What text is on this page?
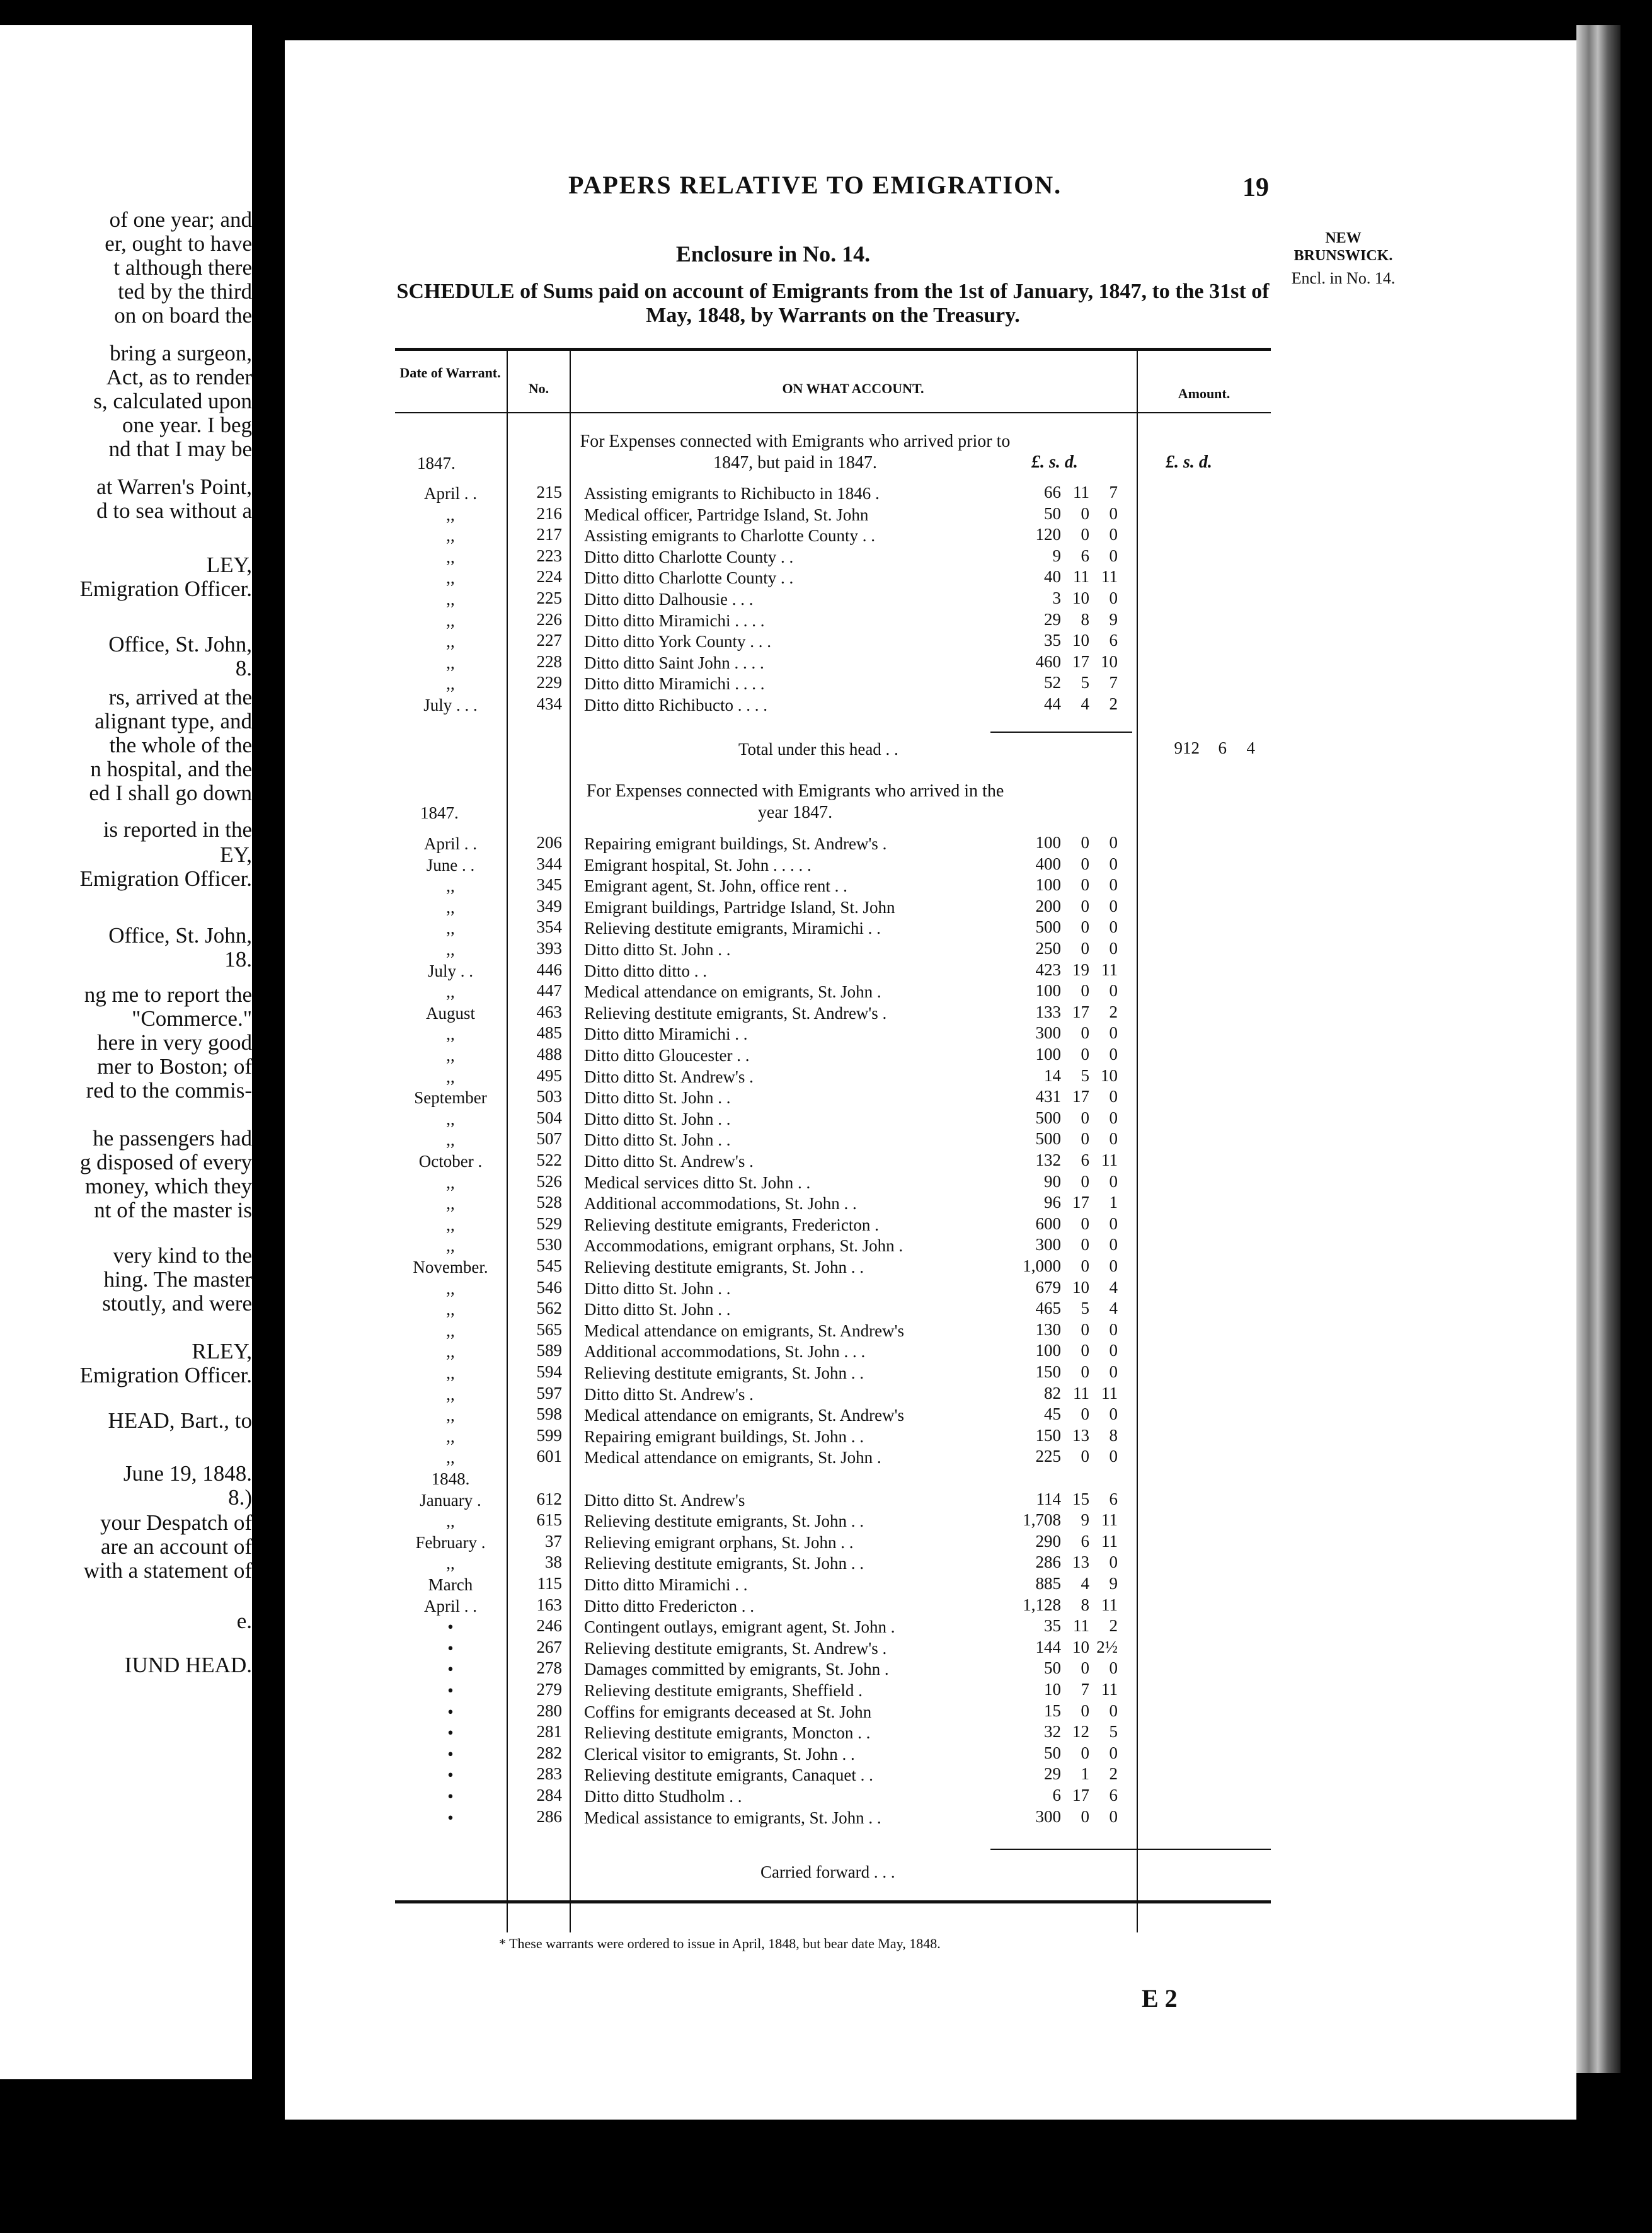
of one year; and
er, ought to have
t although there
ted by the third
on on board the
bring a surgeon,
Act, as to render
s, calculated upon
one year. I beg
nd that I may be
at Warren's Point,
d to sea without a
LEY,
Emigration Officer.
Office, St. John,
8.
rs, arrived at the
alignant type, and
the whole of the
n hospital, and the
ed I shall go down
is reported in the
EY,
Emigration Officer.
Office, St. John,
18.
ng me to report the
"Commerce."
here in very good
mer to Boston; of
red to the commis-
he passengers had
g disposed of every
money, which they
nt of the master is
very kind to the
hing. The master
stoutly, and were
RLEY,
Emigration Officer.
HEAD, Bart., to
June 19, 1848.
8.)
your Despatch of
are an account of
with a statement of
e.
IUND HEAD.
PAPERS RELATIVE TO EMIGRATION.	19
NEW
BRUNSWICK.
Encl. in No. 14.
Enclosure in No. 14.
SCHEDULE of Sums paid on account of Emigrants from the 1st of January, 1847, to the 31st of May, 1848, by Warrants on the Treasury.
Date of Warrant.
No.	ON WHAT ACCOUNT.	Amount.
For Expenses connected with Emigrants who arrived prior to 1847, but paid in 1847.
1847.	£. s. d.	£. s. d.
April . .	215 Assisting emigrants to Richibucto in 1846 .	66 11	7
,,	216 Medical officer, Partridge Island, St. John	50	0	0
,,	217 Assisting emigrants to Charlotte County . .	120	0	0
,,	223 Ditto ditto Charlotte County . .	9	6	0
,,	224 Ditto ditto Charlotte County . .	40 11 11
,,	225 Ditto ditto Dalhousie . . .	3 10	0
,,	226 Ditto ditto Miramichi . . . .	29	8	9
,,	227 Ditto ditto York County . . .	35 10	6
,,	228 Ditto ditto Saint John . . . .	460 17 10
,,	229 Ditto ditto Miramichi . . . .	52	5	7
July . . .	434 Ditto ditto Richibucto . . . .	44	4	2
Total under this head . .	912	6	4
For Expenses connected with Emigrants who arrived in the year 1847.
1847.
April . .	206 Repairing emigrant buildings, St. Andrew's .	100	0	0
June . .	344 Emigrant hospital, St. John . . . . .	400	0	0
,,	345 Emigrant agent, St. John, office rent . .	100	0	0
,,	349 Emigrant buildings, Partridge Island, St. John	200	0	0
,,	354 Relieving destitute emigrants, Miramichi . .	500	0	0
,,	393 Ditto ditto St. John . .	250	0	0
July . .	446 Ditto ditto ditto . .	423 19 11
,,	447 Medical attendance on emigrants, St. John .	100	0	0
August	463 Relieving destitute emigrants, St. Andrew's .	133 17	2
,,	485 Ditto ditto Miramichi . .	300	0	0
,,	488 Ditto ditto Gloucester . .	100	0	0
,,	495 Ditto ditto St. Andrew's .	14	5 10
September	503 Ditto ditto St. John . .	431 17	0
,,	504 Ditto ditto St. John . .	500	0	0
,,	507 Ditto ditto St. John . .	500	0	0
October .	522 Ditto ditto St. Andrew's .	132	6 11
,,	526 Medical services ditto St. John . .	90	0	0
,,	528 Additional accommodations, St. John . .	96 17	1
,,	529 Relieving destitute emigrants, Fredericton .	600	0	0
,,	530 Accommodations, emigrant orphans, St. John .	300	0	0
November.	545 Relieving destitute emigrants, St. John . .	1,000	0	0
,,	546 Ditto ditto St. John . .	679 10	4
,,	562 Ditto ditto St. John . .	465	5	4
,,	565 Medical attendance on emigrants, St. Andrew's	130	0	0
,,	589 Additional accommodations, St. John . . .	100	0	0
,,	594 Relieving destitute emigrants, St. John . .	150	0	0
,,	597 Ditto ditto St. Andrew's .	82 11 11
,,	598 Medical attendance on emigrants, St. Andrew's	45	0	0
,,	599 Repairing emigrant buildings, St. John . .	150 13	8
,,	601 Medical attendance on emigrants, St. John .	225	0	0
1848.
January .	612 Ditto ditto St. Andrew's	114 15	6
,,	615 Relieving destitute emigrants, St. John . .	1,708	9 11
February .	37 Relieving emigrant orphans, St. John . .	290	6 11
,,	38 Relieving destitute emigrants, St. John . .	286 13	0
March	115 Ditto ditto Miramichi . .	885	4	9
April . .	163 Ditto ditto Fredericton . .	1,128	8 11
•	246 Contingent outlays, emigrant agent, St. John .	35 11	2
•	267 Relieving destitute emigrants, St. Andrew's .	144 10 2½
•	278 Damages committed by emigrants, St. John .	50	0	0
•	279 Relieving destitute emigrants, Sheffield .	10	7 11
•	280 Coffins for emigrants deceased at St. John	15	0	0
•	281 Relieving destitute emigrants, Moncton . .	32 12	5
•	282 Clerical visitor to emigrants, St. John . .	50	0	0
•	283 Relieving destitute emigrants, Canaquet . .	29	1	2
•	284 Ditto ditto Studholm . .	6 17	6
•	286 Medical assistance to emigrants, St. John . .	300	0	0
Carried forward . . .
* These warrants were ordered to issue in April, 1848, but bear date May, 1848.
E 2
